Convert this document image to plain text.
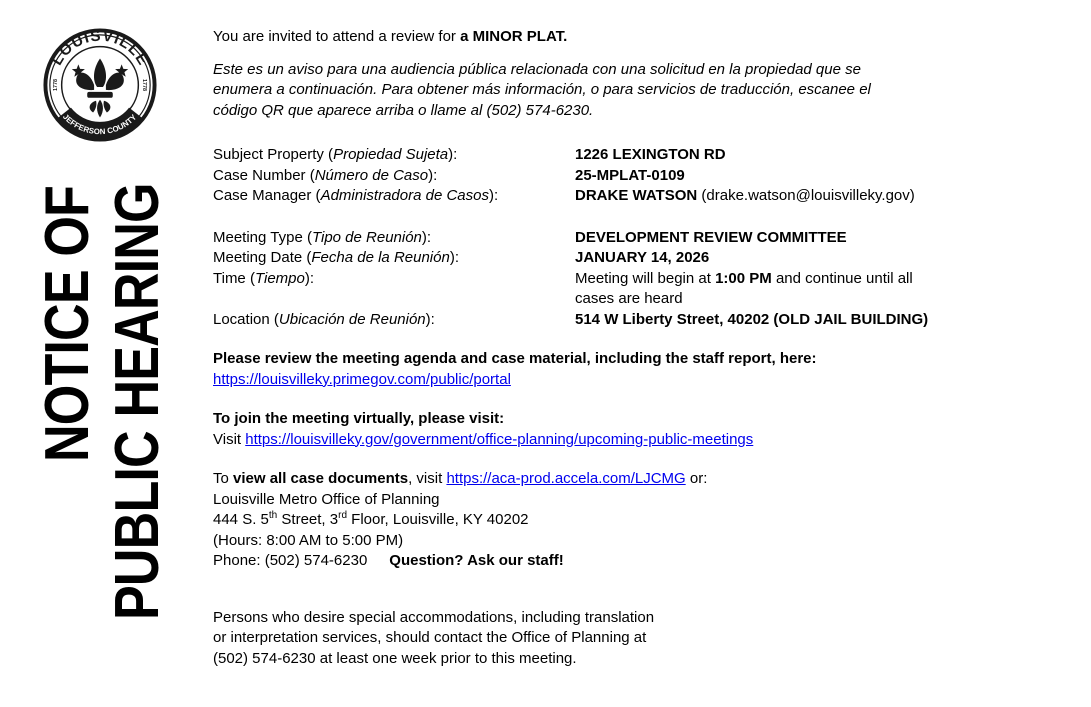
LOUISVILLE
JEFFERSON COUNTY
1778	1778
NOTICE OF PUBLIC HEARING
You are invited to attend a review for a MINOR PLAT.
Este es un aviso para una audiencia pública relacionada con una solicitud en la propiedad que se
enumera a continuación. Para obtener más información, o para servicios de traducción, escanee el
código QR que aparece arriba o llame al (502) 574-6230.
Subject Property (Propiedad Sujeta):	1226 LEXINGTON RD
Case Number (Número de Caso):	25-MPLAT-0109
Case Manager (Administradora de Casos):	DRAKE WATSON (drake.watson@louisvilleky.gov)
Meeting Type (Tipo de Reunión):	DEVELOPMENT REVIEW COMMITTEE
Meeting Date (Fecha de la Reunión):	JANUARY 14, 2026
Time (Tiempo):	Meeting will begin at 1:00 PM and continue until all
cases are heard
Location (Ubicación de Reunión):	514 W Liberty Street, 40202 (OLD JAIL BUILDING)
Please review the meeting agenda and case material, including the staff report, here:
https://louisvilleky.primegov.com/public/portal
To join the meeting virtually, please visit:
Visit https://louisvilleky.gov/government/office-planning/upcoming-public-meetings
To view all case documents, visit https://aca-prod.accela.com/LJCMG or:
Louisville Metro Office of Planning
444 S. 5th Street, 3rd Floor, Louisville, KY 40202
(Hours: 8:00 AM to 5:00 PM)
Phone: (502) 574-6230 Question? Ask our staff!
Persons who desire special accommodations, including translation
or interpretation services, should contact the Office of Planning at
(502) 574-6230 at least one week prior to this meeting.
